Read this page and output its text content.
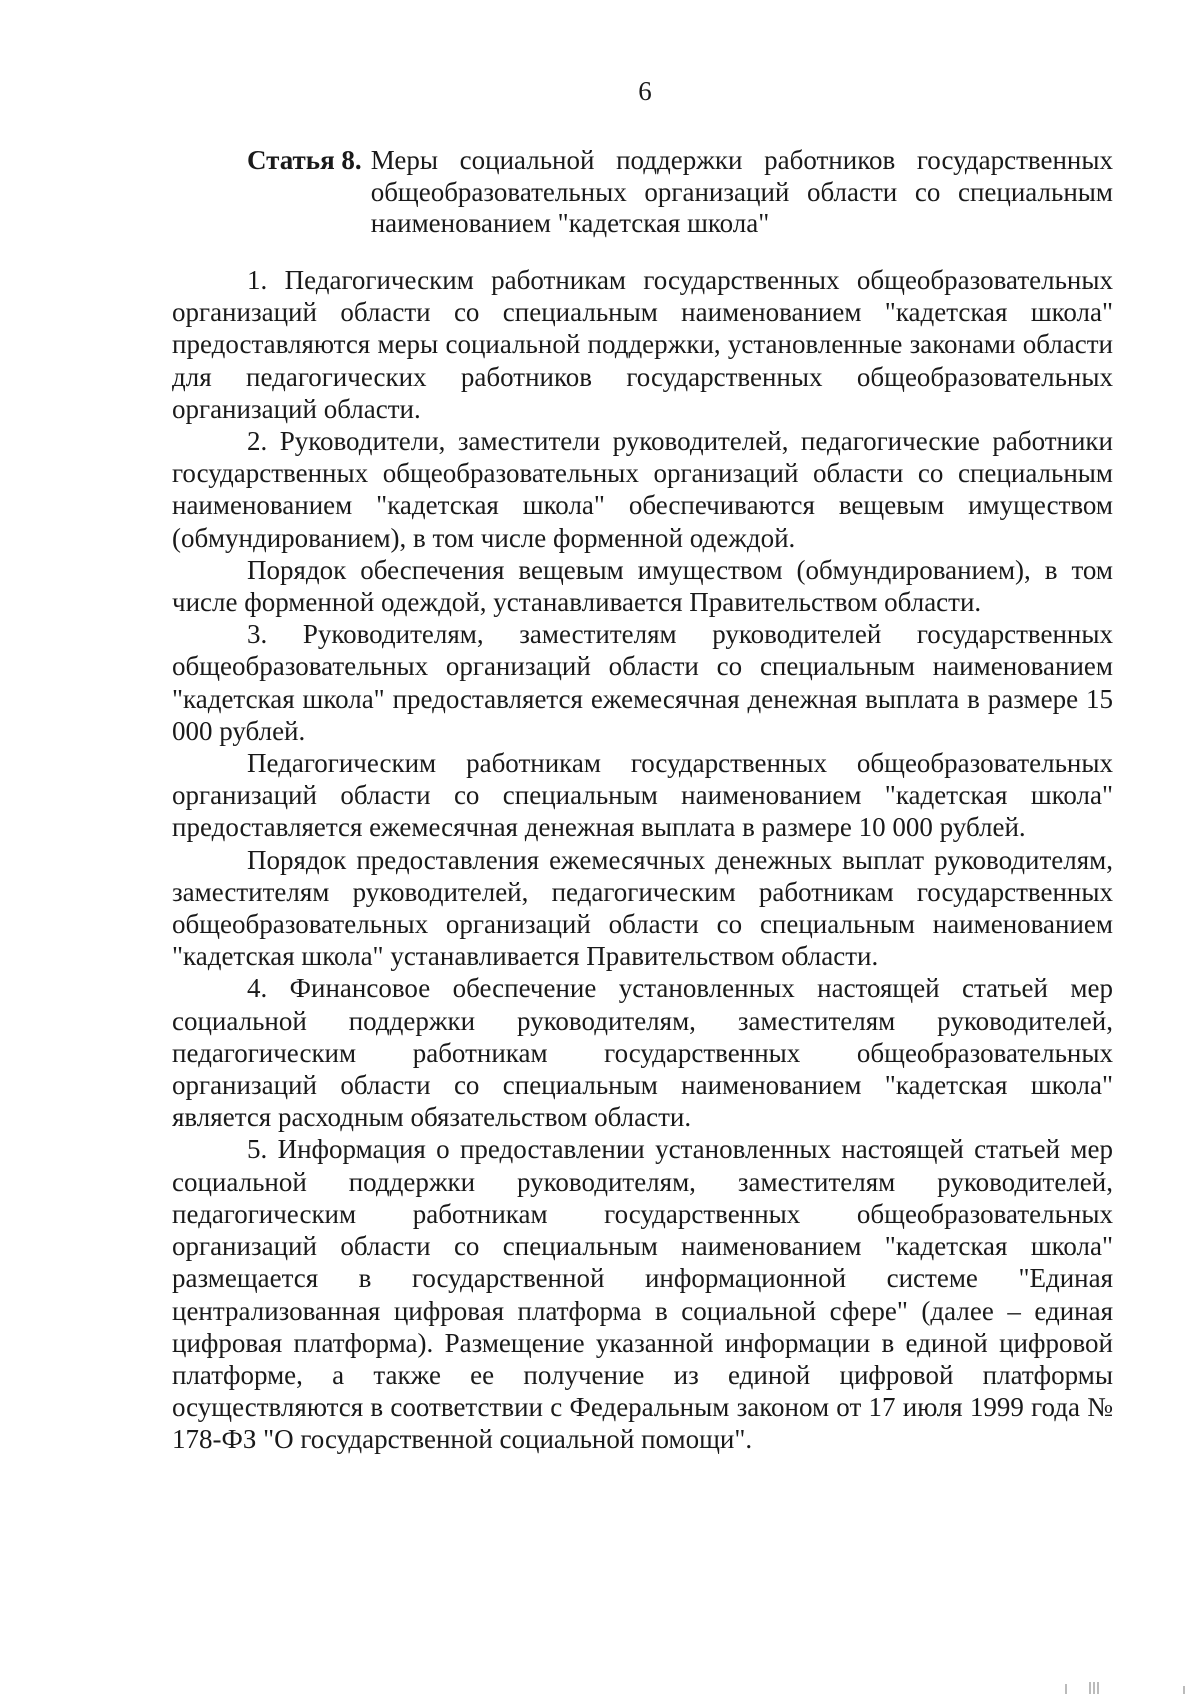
6
Статья 8. Меры социальной поддержки работников государственных общеобразовательных организаций области со специальным наименованием "кадетская школа"

1. Педагогическим работникам государственных общеобразовательных организаций области со специальным наименованием "кадетская школа" предоставляются меры социальной поддержки, установленные законами области для педагогических работников государственных общеобразовательных организаций области.

2. Руководители, заместители руководителей, педагогические работники государственных общеобразовательных организаций области со специальным наименованием "кадетская школа" обеспечиваются вещевым имуществом (обмундированием), в том числе форменной одеждой.

Порядок обеспечения вещевым имуществом (обмундированием), в том числе форменной одеждой, устанавливается Правительством области.

3. Руководителям, заместителям руководителей государственных общеобразовательных организаций области со специальным наименованием "кадетская школа" предоставляется ежемесячная денежная выплата в размере 15 000 рублей.

Педагогическим работникам государственных общеобразовательных организаций области со специальным наименованием "кадетская школа" предоставляется ежемесячная денежная выплата в размере 10 000 рублей.

Порядок предоставления ежемесячных денежных выплат руководителям, заместителям руководителей, педагогическим работникам государственных общеобразовательных организаций области со специальным наименованием "кадетская школа" устанавливается Правительством области.

4. Финансовое обеспечение установленных настоящей статьей мер социальной поддержки руководителям, заместителям руководителей, педагогическим работникам государственных общеобразовательных организаций области со специальным наименованием "кадетская школа" является расходным обязательством области.

5. Информация о предоставлении установленных настоящей статьей мер социальной поддержки руководителям, заместителям руководителей, педагогическим работникам государственных общеобразовательных организаций области со специальным наименованием "кадетская школа" размещается в государственной информационной системе "Единая централизованная цифровая платформа в социальной сфере" (далее – единая цифровая платформа). Размещение указанной информации в единой цифровой платформе, а также ее получение из единой цифровой платформы осуществляются в соответствии с Федеральным законом от 17 июля 1999 года № 178-ФЗ "О государственной социальной помощи".
